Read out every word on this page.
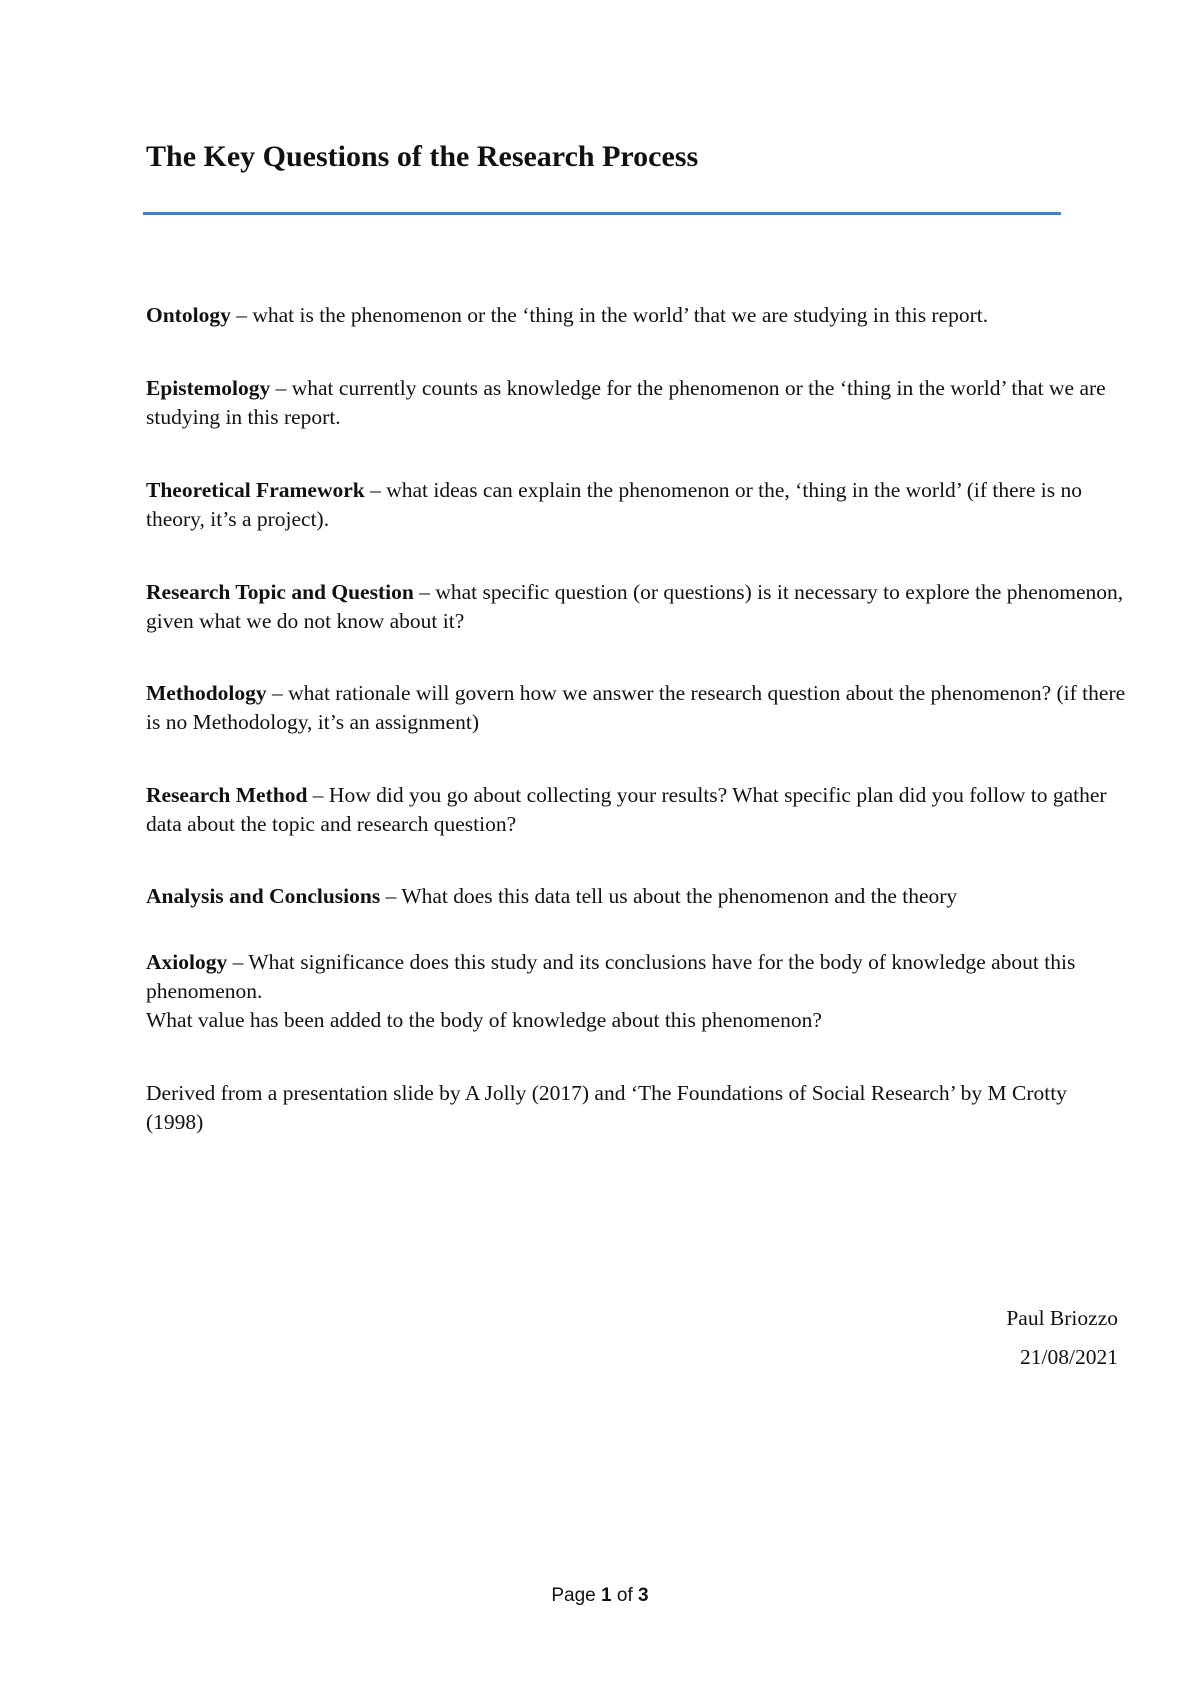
The Key Questions of the Research Process

Ontology – what is the phenomenon or the ‘thing in the world’ that we are studying in this report.

Epistemology – what currently counts as knowledge for the phenomenon or the ‘thing in the world’ that we are studying in this report.

Theoretical Framework – what ideas can explain the phenomenon or the, ‘thing in the world’ (if there is no theory, it’s a project).

Research Topic and Question – what specific question (or questions) is it necessary to explore the phenomenon, given what we do not know about it?

Methodology – what rationale will govern how we answer the research question about the phenomenon? (if there is no Methodology, it’s an assignment)

Research Method – How did you go about collecting your results? What specific plan did you follow to gather data about the topic and research question?

Analysis and Conclusions – What does this data tell us about the phenomenon and the theory

Axiology – What significance does this study and its conclusions have for the body of knowledge about this phenomenon.
What value has been added to the body of knowledge about this phenomenon?

Derived from a presentation slide by A Jolly (2017) and ‘The Foundations of Social Research’ by M Crotty (1998)

Paul Briozzo
21/08/2021
Page 1 of 3
